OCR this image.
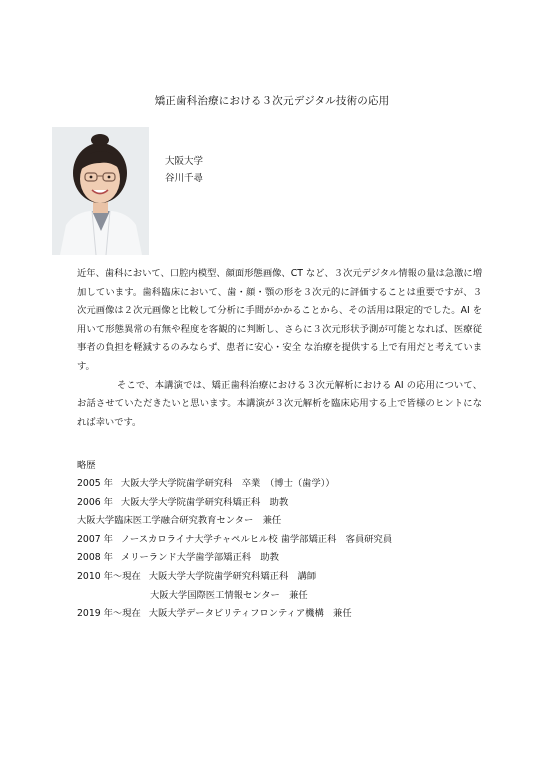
矯正歯科治療における３次元デジタル技術の応用
大阪大学
谷川千尋

近年、歯科において、口腔内模型、顔面形態画像、CT など、３次元デジタル情報の量は急激に増加しています。歯科臨床において、歯・顔・顎の形を３次元的に評価することは重要ですが、３次元画像は２次元画像と比較して分析に手間がかかることから、その活用は限定的でした。AI を用いて形態異常の有無や程度を客観的に判断し、さらに３次元形状予測が可能となれば、医療従事者の負担を軽減するのみならず、患者に安心・安全 な治療を提供する上で有用だと考えています。

そこで、本講演では、矯正歯科治療における３次元解析における AI の応用について、お話させていただきたいと思います。本講演が３次元解析を臨床応用する上で皆様のヒントになれば幸いです。

略歴
2005 年 大阪大学大学院歯学研究科　卒業　（博士（歯学））
2006 年 大阪大学大学院歯学研究科矯正科　助教
大阪大学臨床医工学融合研究教育センター　兼任
2007 年 ノースカロライナ大学チャペルヒル校 歯学部矯正科　客員研究員
2008 年 メリーランド大学歯学部矯正科　助教
2010 年～現在 大阪大学大学院歯学研究科矯正科　講師
大阪大学国際医工情報センター　兼任
2019 年～現在 大阪大学データビリティフロンティア機構　兼任
